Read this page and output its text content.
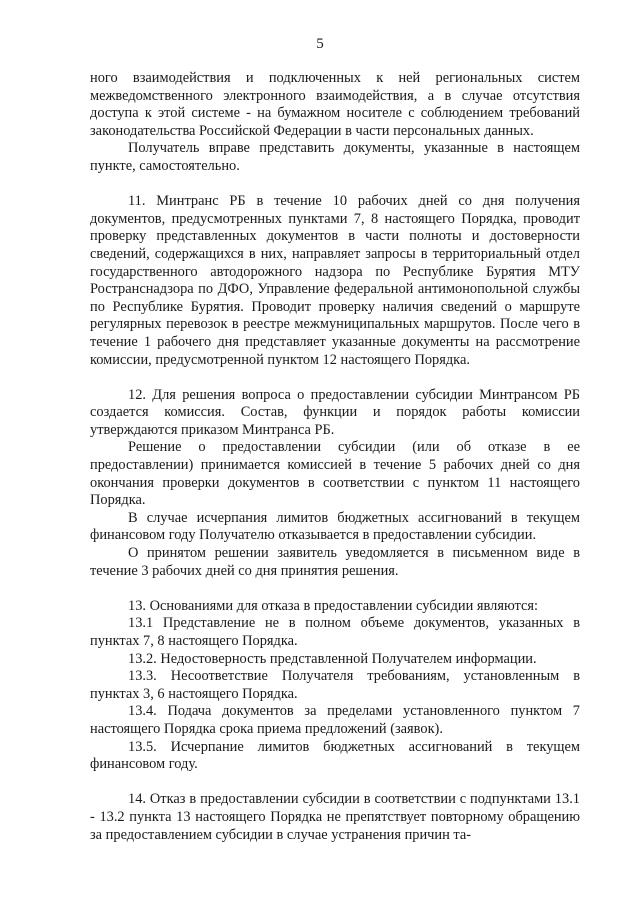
5

ного взаимодействия и подключенных к ней региональных систем межведомственного электронного взаимодействия, а в случае отсутствия доступа к этой системе - на бумажном носителе с соблюдением требований законодательства Российской Федерации в части персональных данных.

Получатель вправе представить документы, указанные в настоящем пункте, самостоятельно.

11. Минтранс РБ в течение 10 рабочих дней со дня получения документов, предусмотренных пунктами 7, 8 настоящего Порядка, проводит проверку представленных документов в части полноты и достоверности сведений, содержащихся в них, направляет запросы в территориальный отдел государственного автодорожного надзора по Республике Бурятия МТУ Ространснадзора по ДФО, Управление федеральной антимонопольной службы по Республике Бурятия. Проводит проверку наличия сведений о маршруте регулярных перевозок в реестре межмуниципальных маршрутов. После чего в течение 1 рабочего дня представляет указанные документы на рассмотрение комиссии, предусмотренной пунктом 12 настоящего Порядка.

12. Для решения вопроса о предоставлении субсидии Минтрансом РБ создается комиссия. Состав, функции и порядок работы комиссии утверждаются приказом Минтранса РБ.

Решение о предоставлении субсидии (или об отказе в ее предоставлении) принимается комиссией в течение 5 рабочих дней со дня окончания проверки документов в соответствии с пунктом 11 настоящего Порядка.

В случае исчерпания лимитов бюджетных ассигнований в текущем финансовом году Получателю отказывается в предоставлении субсидии.

О принятом решении заявитель уведомляется в письменном виде в течение 3 рабочих дней со дня принятия решения.

13. Основаниями для отказа в предоставлении субсидии являются:

13.1 Представление не в полном объеме документов, указанных в пунктах 7, 8 настоящего Порядка.

13.2. Недостоверность представленной Получателем информации.

13.3. Несоответствие Получателя требованиям, установленным в пунктах 3, 6 настоящего Порядка.

13.4. Подача документов за пределами установленного пунктом 7 настоящего Порядка срока приема предложений (заявок).

13.5. Исчерпание лимитов бюджетных ассигнований в текущем финансовом году.

14. Отказ в предоставлении субсидии в соответствии с подпунктами 13.1 - 13.2 пункта 13 настоящего Порядка не препятствует повторному обращению за предоставлением субсидии в случае устранения причин та-
